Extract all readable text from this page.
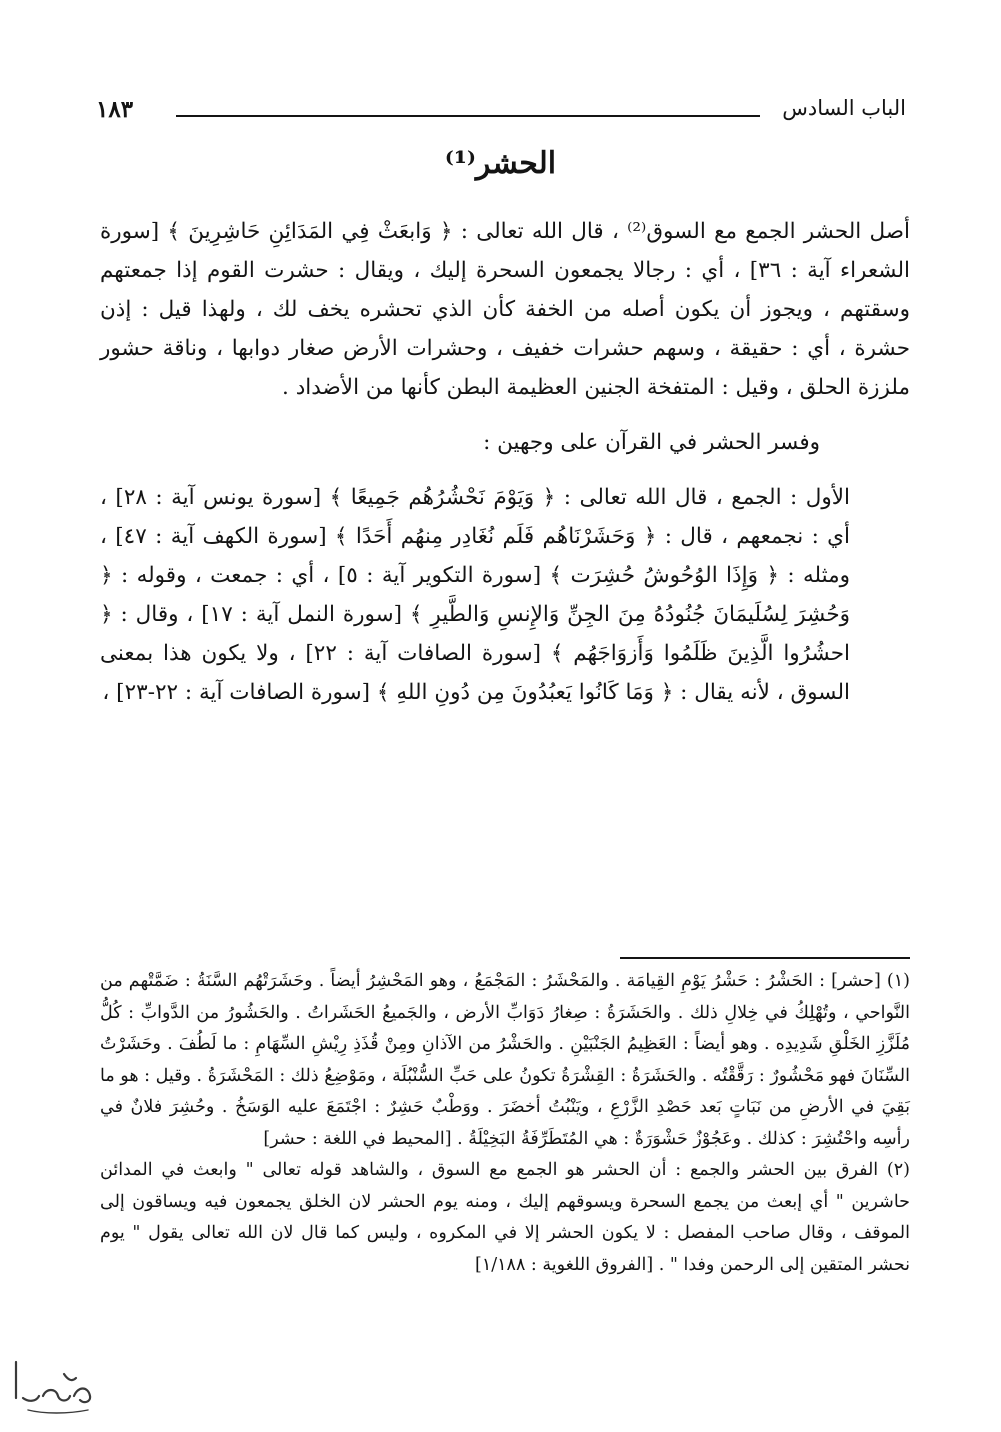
١٨٣	الباب السادس
الحشر⁽¹⁾

أصل الحشر الجمع مع السوق⁽²⁾ ، قال الله تعالى : ﴿ وَابعَثْ فِي المَدَائِنِ حَاشِرِينَ ﴾ [سورة الشعراء آية : ٣٦] ، أي : رجالا يجمعون السحرة إليك ، ويقال : حشرت القوم إذا جمعتهم وسقتهم ، ويجوز أن يكون أصله من الخفة كأن الذي تحشره يخف لك ، ولهذا قيل : إذن حشرة ، أي : حقيقة ، وسهم حشرات خفيف ، وحشرات الأرض صغار دوابها ، وناقة حشور ملززة الحلق ، وقيل : المتفخة الجنين العظيمة البطن كأنها من الأضداد .

وفسر الحشر في القرآن على وجهين :

الأول : الجمع ، قال الله تعالى : ﴿ وَيَوْمَ نَحْشُرُهُم جَمِيعًا ﴾ [سورة يونس آية : ٢٨] ، أي : نجمعهم ، قال : ﴿ وَحَشَرْنَاهُم فَلَم نُغَادِر مِنهُم أَحَدًا ﴾ [سورة الكهف آية : ٤٧] ، ومثله : ﴿ وَإِذَا الوُحُوشُ حُشِرَت ﴾ [سورة التكوير آية : ٥] ، أي : جمعت ، وقوله : ﴿ وَحُشِرَ لِسُلَيمَانَ جُنُودُهُ مِنَ الجِنِّ وَالإِنسِ وَالطَّيرِ ﴾ [سورة النمل آية : ١٧] ، وقال : ﴿ احشُرُوا الَّذِينَ ظَلَمُوا وَأَزوَاجَهُم ﴾ [سورة الصافات آية : ٢٢] ، ولا يكون هذا بمعنى السوق ، لأنه يقال : ﴿ وَمَا كَانُوا يَعبُدُونَ مِن دُونِ اللهِ ﴾ [سورة الصافات آية : ٢٢-٢٣] ،

(١) [حشر] : الحَشْرُ : حَشْرُ يَوْمِ القِيامَة . والمَحْشَرُ : المَجْمَعُ ، وهو المَحْشِرُ أيضاً . وحَشَرَتْهُم السَّنَةُ : ضَمَّتْهم من النَّواحي ، وتُهْلِكُ في خِلالِ ذلك . والحَشَرَةُ : صِغارُ دَوَابِّ الأرض ، والجَميعُ الحَشَراتُ . والحَشُورُ من الدَّوابِّ : كُلُّ مُلَزَّزِ الخَلْقِ شَدِيدِه . وهو أيضاً : العَظِيمُ الجَنْبَيْنِ . والحَشْرُ من الآذانِ ومِنْ قُذَذِ رِيْشِ السِّهَامِ : ما لَطُفَ . وحَشَرْتُ السِّنَانَ فهو مَحْشُورٌ : رَقَّقْتُه . والحَشَرَةُ : القِشْرَةُ تكونُ على حَبِّ السُّنْبُلَة ، ومَوْضِعُ ذلك : المَحْشَرَةُ . وقيل : هو ما بَقِيَ في الأرضِ من نَبَاتٍ بَعد حَصْدِ الزَّرْعِ ، ويَنْبُتُ أخضَرَ . ووَطْبٌ حَشِرٌ : اجْتَمَعَ عليه الوَسَخُ . وحُشِرَ فلانٌ في رأسِه واحْتُشِرَ : كذلك . وعَجُوْزٌ حَشْوَرَةٌ : هي المُتَطَرِّفَةُ البَخِيْلَةُ . [المحيط في اللغة : حشر]

(٢) الفرق بين الحشر والجمع : أن الحشر هو الجمع مع السوق ، والشاهد قوله تعالى " وابعث في المدائن حاشرين " أي إبعث من يجمع السحرة ويسوقهم إليك ، ومنه يوم الحشر لان الخلق يجمعون فيه ويساقون إلى الموقف ، وقال صاحب المفصل : لا يكون الحشر إلا في المكروه ، وليس كما قال لان الله تعالى يقول " يوم نحشر المتقين إلى الرحمن وفدا " . [الفروق اللغوية : ١/١٨٨]
